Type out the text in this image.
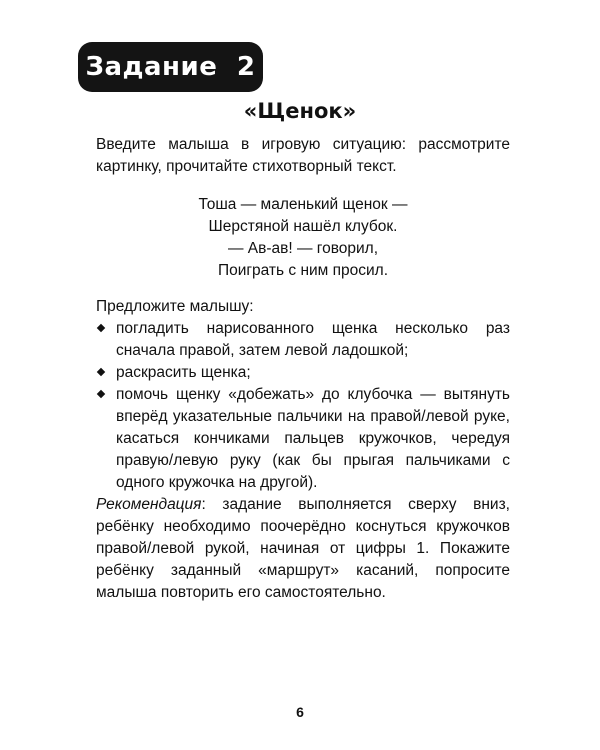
Задание 2
«Щенок»

Введите малыша в игровую ситуацию: рассмотрите картинку, прочитайте стихотворный текст.

Тоша — маленький щенок —
Шерстяной нашёл клубок.
— Ав-ав! — говорил,
Поиграть с ним просил.

Предложите малышу:

погладить нарисованного щенка несколько раз сначала правой, затем левой ладошкой;
раскрасить щенка;
помочь щенку «добежать» до клубочка — вытянуть вперёд указательные пальчики на правой/левой руке, касаться кончиками пальцев кружочков, чередуя правую/левую руку (как бы прыгая пальчиками с одного кружочка на другой).

Рекомендация: задание выполняется сверху вниз, ребёнку необходимо поочерёдно коснуться кружочков правой/левой рукой, начиная от цифры 1. Покажите ребёнку заданный «маршрут» касаний, попросите малыша повторить его самостоятельно.

6
